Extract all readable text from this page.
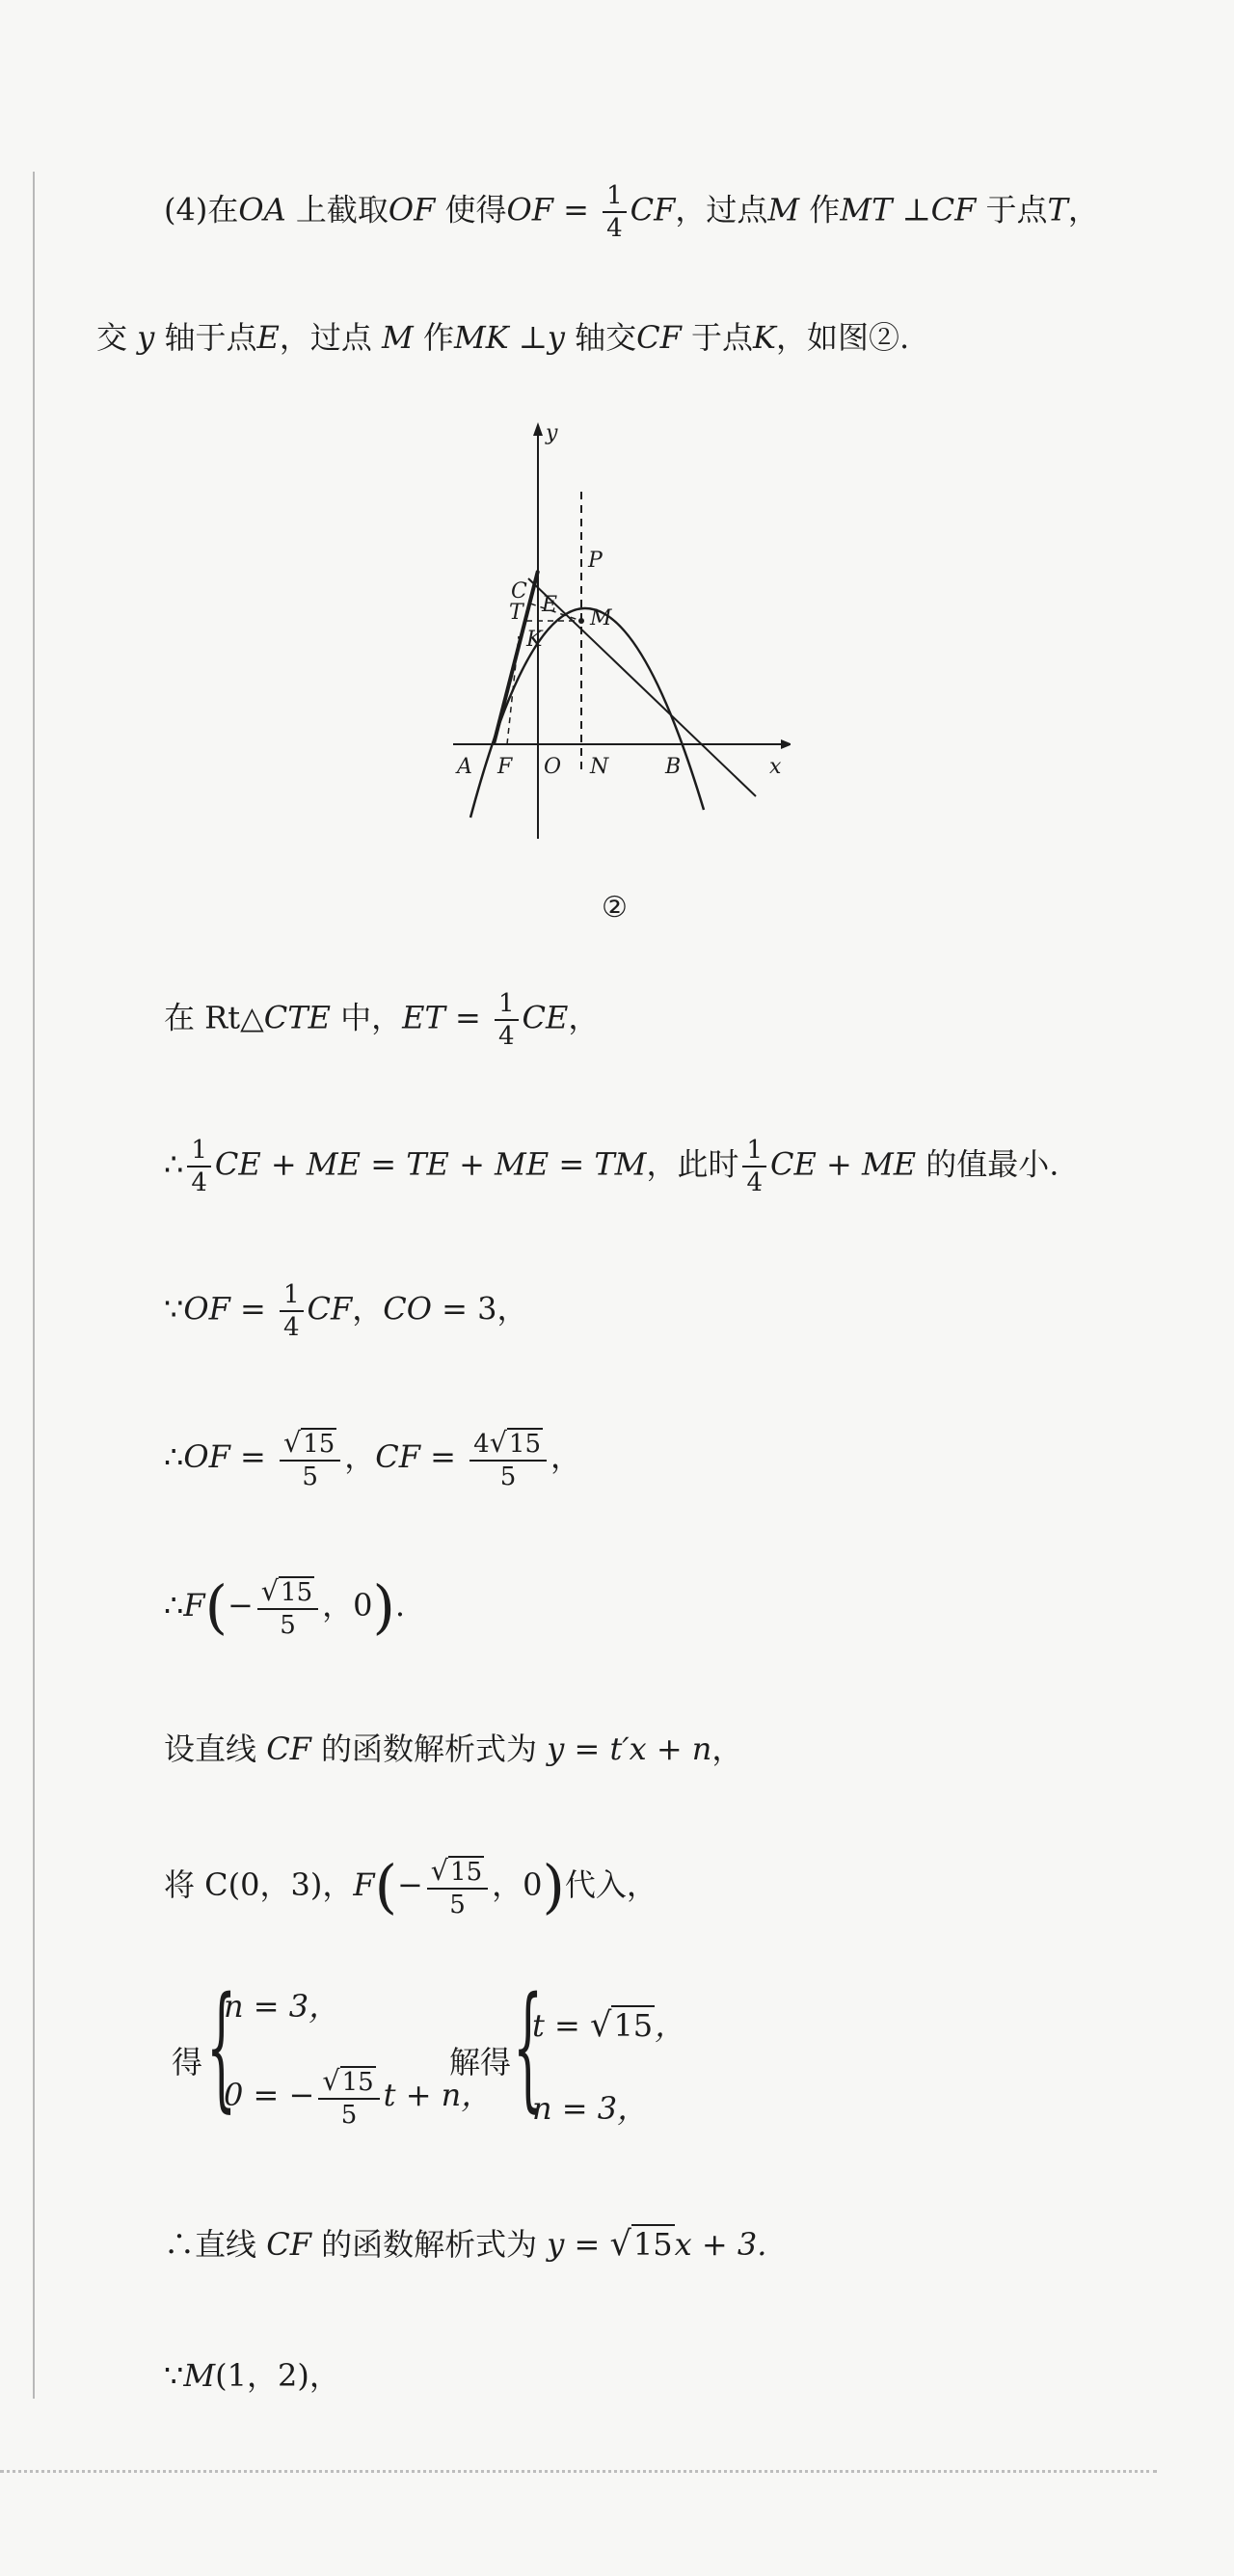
(4)在OA 上截取OF 使得OF = $\frac{1}{4}$ CF，过点M 作MT ⊥CF 于点T，
交 y 轴于点E，过点 M 作MK ⊥y 轴交CF 于点K，如图②.
y
x
P
C
T E
M
K
A F O N	B
②
在 Rt△CTE 中，ET = $\frac{1}{4}$ CE，
∴ $\frac{1}{4}$ CE + ME = TE + ME = TM，此时 $\frac{1}{4}$ CE + ME 的值最小.
∵OF = $\frac{1}{4}$ CF，CO = 3，
∴OF = $\frac{√15}{5}$ ，CF = $\frac{4√15}{5}$ ，
∴F(− $\frac{√15}{5}$ ，0).
设直线 CF 的函数解析式为 y = t′x + n，
将 C(0，3)，$F(- \frac{√15}{5}$ ，0)代入，
得 {
n = 3，
0 = − $\frac{√15}{5}$ t + n，
解得 {
t = √15，
n = 3，
∴直线 CF 的函数解析式为 y = √15x + 3.
∵M(1，2)，
